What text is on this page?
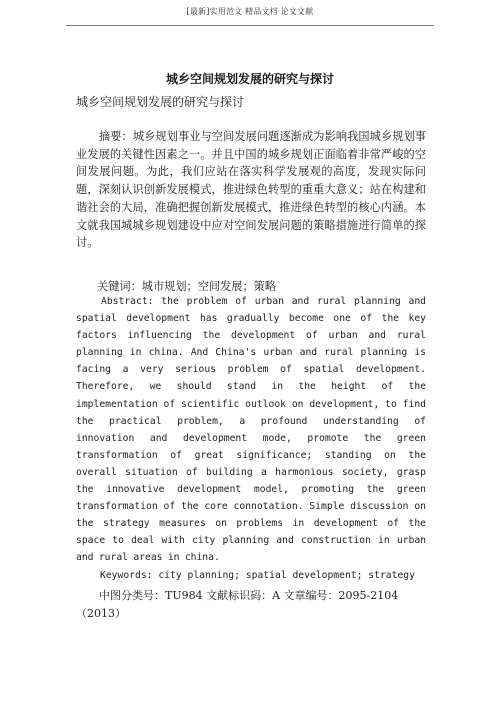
[最新]实用范文 精品文档 论文文献
城乡空间规划发展的研究与探讨
城乡空间规划发展的研究与探讨

摘要：城乡规划事业与空间发展问题逐渐成为影响我国城乡规划事业发展的关键性因素之一。并且中国的城乡规划正面临着非常严峻的空间发展问题。为此，我们应站在落实科学发展观的高度，发现实际问题，深刻认识创新发展模式，推进绿色转型的重重大意义；站在构建和谐社会的大局，准确把握创新发展模式，推进绿色转型的核心内涵。本文就我国城城乡规划建设中应对空间发展问题的策略措施进行简单的探讨。

关键词：城市规划；空间发展；策略

Abstract: the problem of urban and rural planning and spatial development has gradually become one of the key factors influencing the development of urban and rural planning in china. And China's urban and rural planning is facing a very serious problem of spatial development. Therefore, we should stand in the height of the implementation of scientific outlook on development, to find the practical problem, a profound understanding of innovation and development mode, promote the green transformation of great significance; standing on the overall situation of building a harmonious society, grasp the innovative development model, promoting the green transformation of the core connotation. Simple discussion on the strategy measures on problems in development of the space to deal with city planning and construction in urban and rural areas in china.

Keywords: city planning; spatial development; strategy

中图分类号：TU984 文献标识码：A 文章编号：2095-2104（2013）
